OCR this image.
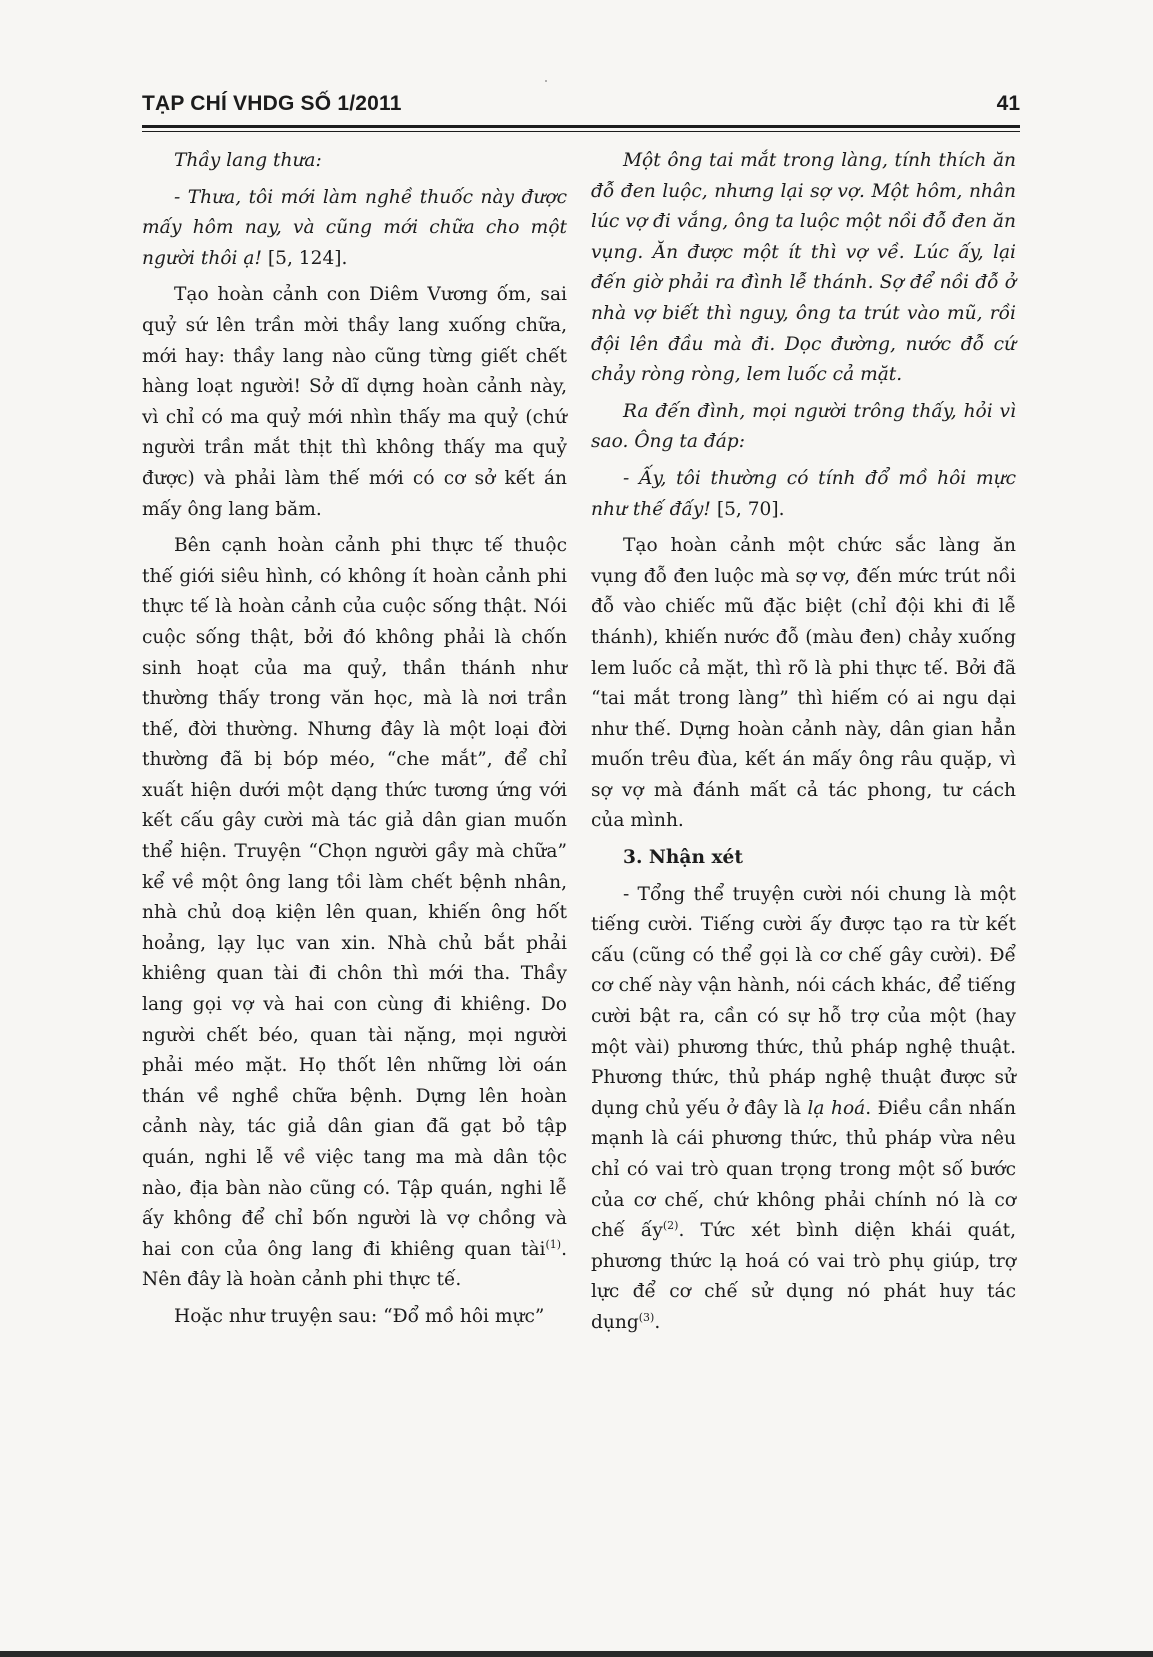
TẠP CHÍ VHDG SỐ 1/2011	41

Thầy lang thưa:

- Thưa, tôi mới làm nghề thuốc này được mấy hôm nay, và cũng mới chữa cho một người thôi ạ! [5, 124].

Tạo hoàn cảnh con Diêm Vương ốm, sai quỷ sứ lên trần mời thầy lang xuống chữa, mới hay: thầy lang nào cũng từng giết chết hàng loạt người! Sở dĩ dựng hoàn cảnh này, vì chỉ có ma quỷ mới nhìn thấy ma quỷ (chứ người trần mắt thịt thì không thấy ma quỷ được) và phải làm thế mới có cơ sở kết án mấy ông lang băm.

Bên cạnh hoàn cảnh phi thực tế thuộc thế giới siêu hình, có không ít hoàn cảnh phi thực tế là hoàn cảnh của cuộc sống thật. Nói cuộc sống thật, bởi đó không phải là chốn sinh hoạt của ma quỷ, thần thánh như thường thấy trong văn học, mà là nơi trần thế, đời thường. Nhưng đây là một loại đời thường đã bị bóp méo, “che mắt”, để chỉ xuất hiện dưới một dạng thức tương ứng với kết cấu gây cười mà tác giả dân gian muốn thể hiện. Truyện “Chọn người gầy mà chữa” kể về một ông lang tồi làm chết bệnh nhân, nhà chủ doạ kiện lên quan, khiến ông hốt hoảng, lạy lục van xin. Nhà chủ bắt phải khiêng quan tài đi chôn thì mới tha. Thầy lang gọi vợ và hai con cùng đi khiêng. Do người chết béo, quan tài nặng, mọi người phải méo mặt. Họ thốt lên những lời oán thán về nghề chữa bệnh. Dựng lên hoàn cảnh này, tác giả dân gian đã gạt bỏ tập quán, nghi lễ về việc tang ma mà dân tộc nào, địa bàn nào cũng có. Tập quán, nghi lễ ấy không để chỉ bốn người là vợ chồng và hai con của ông lang đi khiêng quan tài$^{(1)}$. Nên đây là hoàn cảnh phi thực tế.

Hoặc như truyện sau: “Đổ mồ hôi mực”

Một ông tai mắt trong làng, tính thích ăn đỗ đen luộc, nhưng lại sợ vợ. Một hôm, nhân lúc vợ đi vắng, ông ta luộc một nồi đỗ đen ăn vụng. Ăn được một ít thì vợ về. Lúc ấy, lại đến giờ phải ra đình lễ thánh. Sợ để nồi đỗ ở nhà vợ biết thì nguy, ông ta trút vào mũ, rồi đội lên đầu mà đi. Dọc đường, nước đỗ cứ chảy ròng ròng, lem luốc cả mặt.

Ra đến đình, mọi người trông thấy, hỏi vì sao. Ông ta đáp:

- Ấy, tôi thường có tính đổ mồ hôi mực như thế đấy! [5, 70].

Tạo hoàn cảnh một chức sắc làng ăn vụng đỗ đen luộc mà sợ vợ, đến mức trút nồi đỗ vào chiếc mũ đặc biệt (chỉ đội khi đi lễ thánh), khiến nước đỗ (màu đen) chảy xuống lem luốc cả mặt, thì rõ là phi thực tế. Bởi đã “tai mắt trong làng” thì hiếm có ai ngu dại như thế. Dựng hoàn cảnh này, dân gian hẳn muốn trêu đùa, kết án mấy ông râu quặp, vì sợ vợ mà đánh mất cả tác phong, tư cách của mình.

3. Nhận xét

- Tổng thể truyện cười nói chung là một tiếng cười. Tiếng cười ấy được tạo ra từ kết cấu (cũng có thể gọi là cơ chế gây cười). Để cơ chế này vận hành, nói cách khác, để tiếng cười bật ra, cần có sự hỗ trợ của một (hay một vài) phương thức, thủ pháp nghệ thuật. Phương thức, thủ pháp nghệ thuật được sử dụng chủ yếu ở đây là lạ hoá. Điều cần nhấn mạnh là cái phương thức, thủ pháp vừa nêu chỉ có vai trò quan trọng trong một số bước của cơ chế, chứ không phải chính nó là cơ chế ấy$^{(2)}$. Tức xét bình diện khái quát, phương thức lạ hoá có vai trò phụ giúp, trợ lực để cơ chế sử dụng nó phát huy tác dụng$^{(3)}$.
